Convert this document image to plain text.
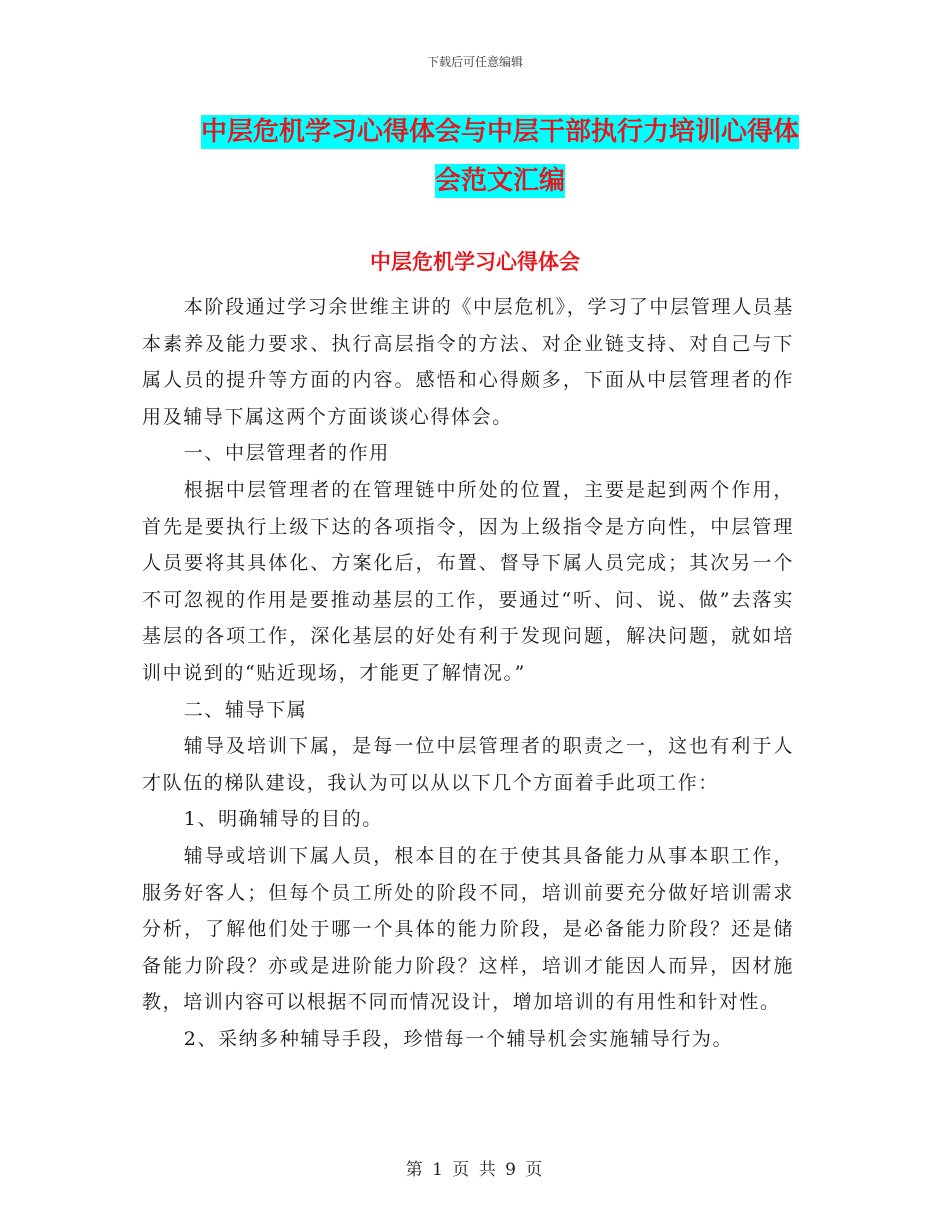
下载后可任意编辑
中层危机学习心得体会与中层干部执行力培训心得体
会范文汇编
中层危机学习心得体会

本阶段通过学习余世维主讲的《中层危机》，学习了中层管理人员基本素养及能力要求、执行高层指令的方法、对企业链支持、对自己与下属人员的提升等方面的内容。感悟和心得颇多，下面从中层管理者的作用及辅导下属这两个方面谈谈心得体会。

一、中层管理者的作用

根据中层管理者的在管理链中所处的位置，主要是起到两个作用，首先是要执行上级下达的各项指令，因为上级指令是方向性，中层管理人员要将其具体化、方案化后，布置、督导下属人员完成；其次另一个不可忽视的作用是要推动基层的工作，要通过“听、问、说、做”去落实基层的各项工作，深化基层的好处有利于发现问题，解决问题，就如培训中说到的“贴近现场，才能更了解情况。”

二、辅导下属

辅导及培训下属，是每一位中层管理者的职责之一，这也有利于人才队伍的梯队建设，我认为可以从以下几个方面着手此项工作：

1、明确辅导的目的。

辅导或培训下属人员，根本目的在于使其具备能力从事本职工作，服务好客人；但每个员工所处的阶段不同，培训前要充分做好培训需求分析，了解他们处于哪一个具体的能力阶段，是必备能力阶段？还是储备能力阶段？亦或是进阶能力阶段？这样，培训才能因人而异，因材施教，培训内容可以根据不同而情况设计，增加培训的有用性和针对性。

2、采纳多种辅导手段，珍惜每一个辅导机会实施辅导行为。

第 1 页 共 9 页
